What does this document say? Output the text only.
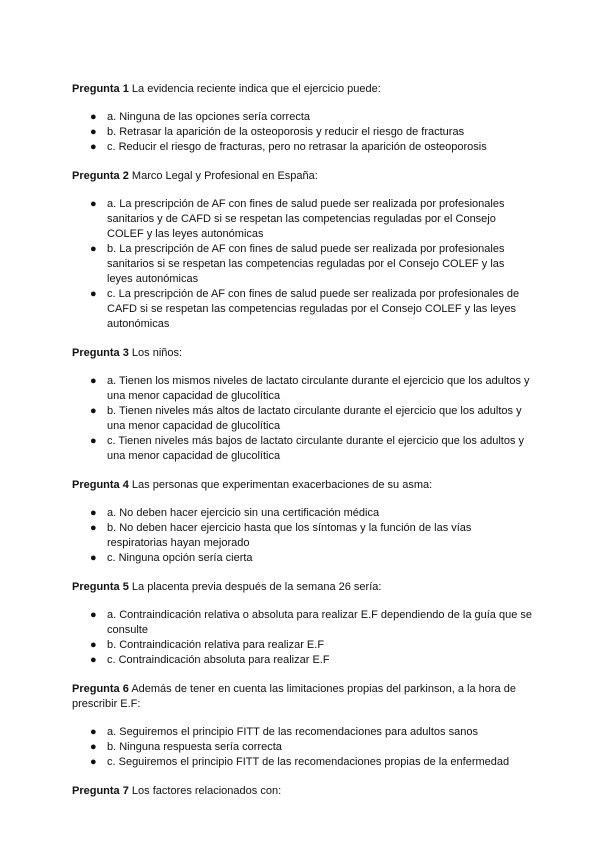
Pregunta 1 La evidencia reciente indica que el ejercicio puede:

● a. Ninguna de las opciones sería correcta
● b. Retrasar la aparición de la osteoporosis y reducir el riesgo de fracturas
● c. Reducir el riesgo de fracturas, pero no retrasar la aparición de osteoporosis

Pregunta 2 Marco Legal y Profesional en España:

● a. La prescripción de AF con fines de salud puede ser realizada por profesionales sanitarios y de CAFD si se respetan las competencias reguladas por el Consejo COLEF y las leyes autonómicas
● b. La prescripción de AF con fines de salud puede ser realizada por profesionales sanitarios si se respetan las competencias reguladas por el Consejo COLEF y las leyes autonómicas
● c. La prescripción de AF con fines de salud puede ser realizada por profesionales de CAFD si se respetan las competencias reguladas por el Consejo COLEF y las leyes autonómicas

Pregunta 3 Los niños:

● a. Tienen los mismos niveles de lactato circulante durante el ejercicio que los adultos y una menor capacidad de glucolítica
● b. Tienen niveles más altos de lactato circulante durante el ejercicio que los adultos y una menor capacidad de glucolítica
● c. Tienen niveles más bajos de lactato circulante durante el ejercicio que los adultos y una menor capacidad de glucolítica

Pregunta 4 Las personas que experimentan exacerbaciones de su asma:

● a. No deben hacer ejercicio sin una certificación médica
● b. No deben hacer ejercicio hasta que los síntomas y la función de las vías respiratorias hayan mejorado
● c. Ninguna opción sería cierta

Pregunta 5 La placenta previa después de la semana 26 sería:

● a. Contraindicación relativa o absoluta para realizar E.F dependiendo de la guía que se consulte
● b. Contraindicación relativa para realizar E.F
● c. Contraindicación absoluta para realizar E.F

Pregunta 6 Además de tener en cuenta las limitaciones propias del parkinson, a la hora de prescribir E.F:

● a. Seguiremos el principio FITT de las recomendaciones para adultos sanos
● b. Ninguna respuesta sería correcta
● c. Seguiremos el principio FITT de las recomendaciones propias de la enfermedad

Pregunta 7 Los factores relacionados con:
